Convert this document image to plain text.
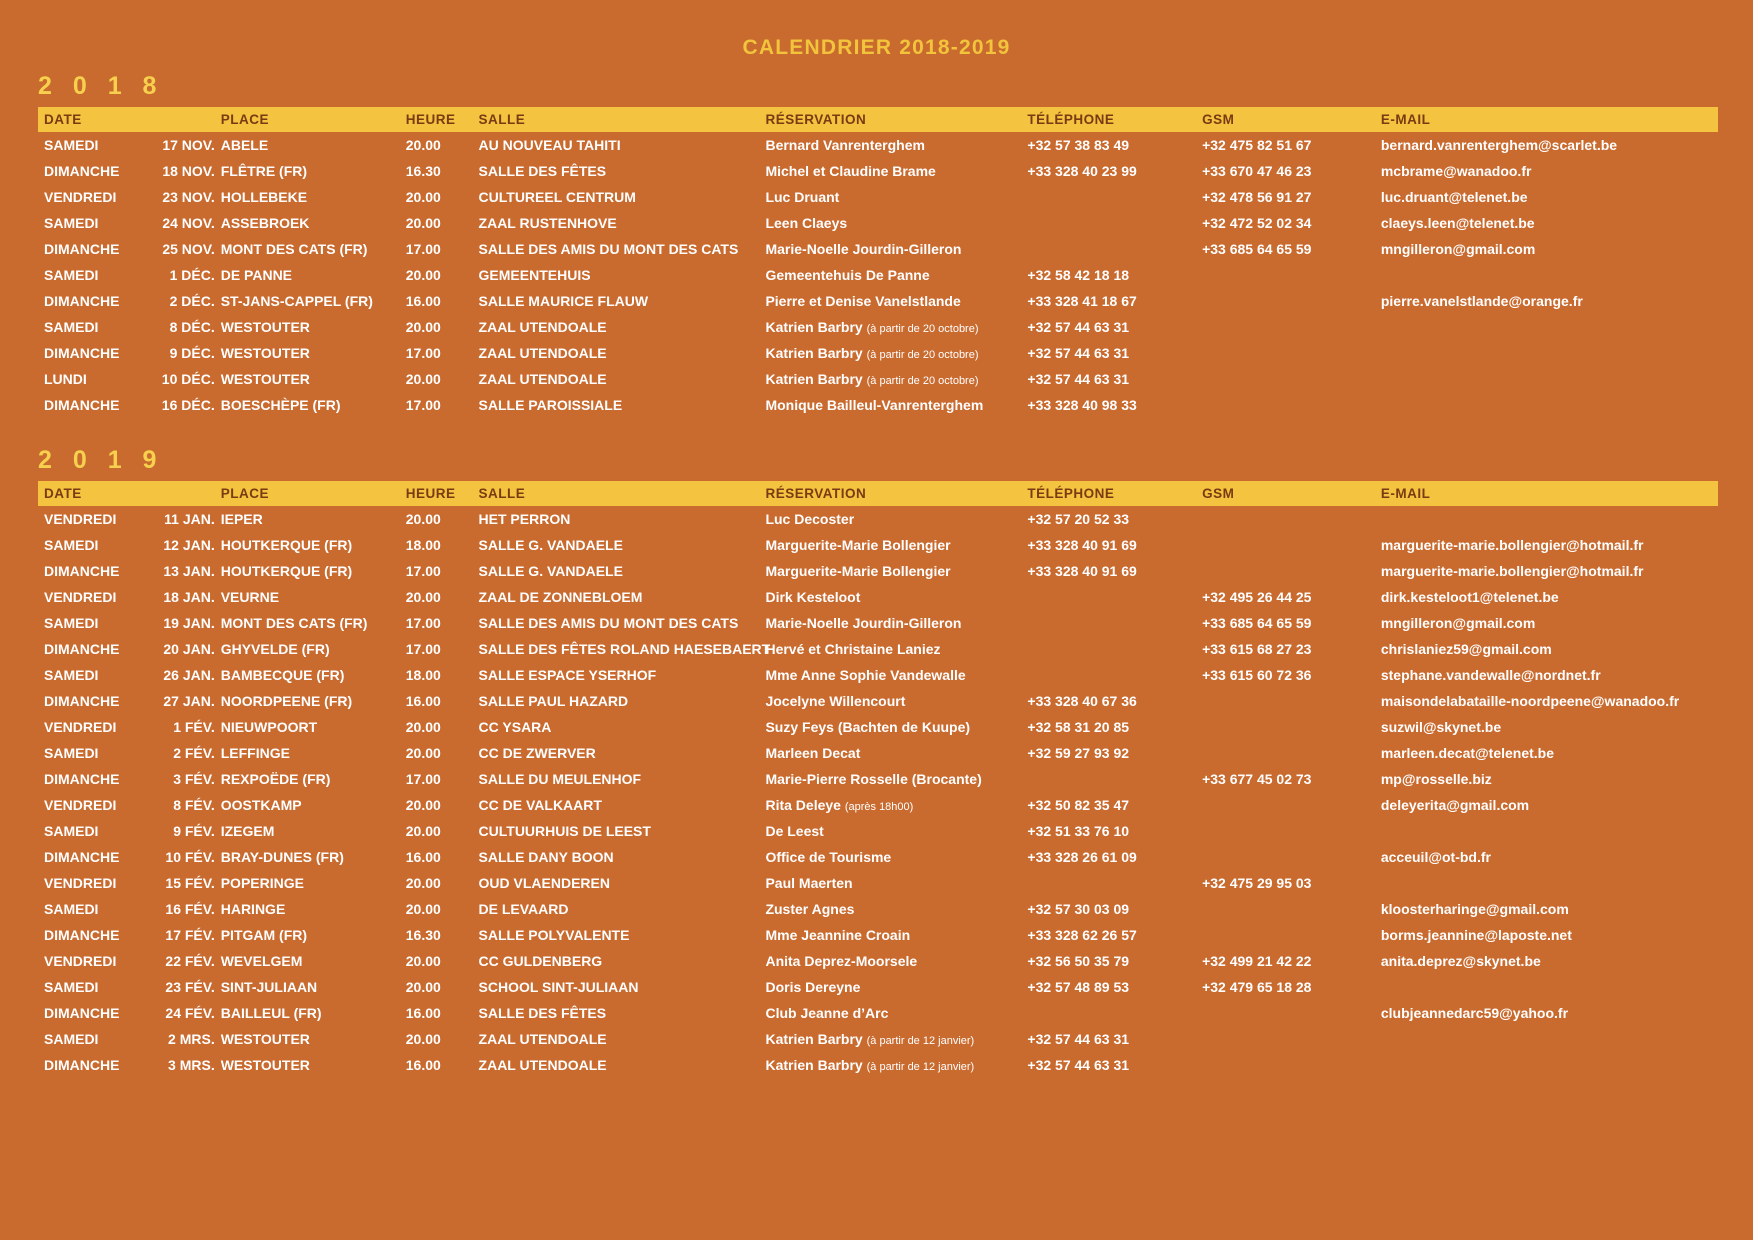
CALENDRIER 2018-2019
2 0 1 8
DATE		PLACE	HEURE	SALLE	RÉSERVATION	TÉLÉPHONE	GSM	E-MAIL
SAMEDI	17 NOV.	ABELE	20.00	AU NOUVEAU TAHITI	Bernard Vanrenterghem	+32 57 38 83 49	+32 475 82 51 67	bernard.vanrenterghem@scarlet.be
DIMANCHE	18 NOV.	FLÊTRE (FR)	16.30	SALLE DES FÊTES	Michel et Claudine Brame	+33 328 40 23 99	+33 670 47 46 23	mcbrame@wanadoo.fr
VENDREDI	23 NOV.	HOLLEBEKE	20.00	CULTUREEL CENTRUM	Luc Druant		+32 478 56 91 27	luc.druant@telenet.be
SAMEDI	24 NOV.	ASSEBROEK	20.00	ZAAL RUSTENHOVE	Leen Claeys		+32 472 52 02 34	claeys.leen@telenet.be
DIMANCHE	25 NOV.	MONT DES CATS (FR)	17.00	SALLE DES AMIS DU MONT DES CATS	Marie-Noelle Jourdin-Gilleron		+33 685 64 65 59	mngilleron@gmail.com
SAMEDI	1 DÉC.	DE PANNE	20.00	GEMEENTEHUIS	Gemeentehuis De Panne	+32 58 42 18 18		
DIMANCHE	2 DÉC.	ST-JANS-CAPPEL (FR)	16.00	SALLE MAURICE FLAUW	Pierre et Denise Vanelstlande	+33 328 41 18 67		pierre.vanelstlande@orange.fr
SAMEDI	8 DÉC.	WESTOUTER	20.00	ZAAL UTENDOALE	Katrien Barbry (à partir de 20 octobre)	+32 57 44 63 31		
DIMANCHE	9 DÉC.	WESTOUTER	17.00	ZAAL UTENDOALE	Katrien Barbry (à partir de 20 octobre)	+32 57 44 63 31		
LUNDI	10 DÉC.	WESTOUTER	20.00	ZAAL UTENDOALE	Katrien Barbry (à partir de 20 octobre)	+32 57 44 63 31		
DIMANCHE	16 DÉC.	BOESCHÈPE (FR)	17.00	SALLE PAROISSIALE	Monique Bailleul-Vanrenterghem	+33 328 40 98 33		
2 0 1 9
DATE		PLACE	HEURE	SALLE	RÉSERVATION	TÉLÉPHONE	GSM	E-MAIL
VENDREDI	11 JAN.	IEPER	20.00	HET PERRON	Luc Decoster	+32 57 20 52 33		
SAMEDI	12 JAN.	HOUTKERQUE (FR)	18.00	SALLE G. VANDAELE	Marguerite-Marie Bollengier	+33 328 40 91 69		marguerite-marie.bollengier@hotmail.fr
DIMANCHE	13 JAN.	HOUTKERQUE (FR)	17.00	SALLE G. VANDAELE	Marguerite-Marie Bollengier	+33 328 40 91 69		marguerite-marie.bollengier@hotmail.fr
VENDREDI	18 JAN.	VEURNE	20.00	ZAAL DE ZONNEBLOEM	Dirk Kesteloot		+32 495 26 44 25	dirk.kesteloot1@telenet.be
SAMEDI	19 JAN.	MONT DES CATS (FR)	17.00	SALLE DES AMIS DU MONT DES CATS	Marie-Noelle Jourdin-Gilleron		+33 685 64 65 59	mngilleron@gmail.com
DIMANCHE	20 JAN.	GHYVELDE (FR)	17.00	SALLE DES FÊTES ROLAND HAESEBAERT	Hervé et Christaine Laniez		+33 615 68 27 23	chrislaniez59@gmail.com
SAMEDI	26 JAN.	BAMBECQUE (FR)	18.00	SALLE ESPACE YSERHOF	Mme Anne Sophie Vandewalle		+33 615 60 72 36	stephane.vandewalle@nordnet.fr
DIMANCHE	27 JAN.	NOORDPEENE (FR)	16.00	SALLE PAUL HAZARD	Jocelyne Willencourt	+33 328 40 67 36		maisondelabataille-noordpeene@wanadoo.fr
VENDREDI	1 FÉV.	NIEUWPOORT	20.00	CC YSARA	Suzy Feys (Bachten de Kuupe)	+32 58 31 20 85		suzwil@skynet.be
SAMEDI	2 FÉV.	LEFFINGE	20.00	CC DE ZWERVER	Marleen Decat	+32 59 27 93 92		marleen.decat@telenet.be
DIMANCHE	3 FÉV.	REXPOËDE (FR)	17.00	SALLE DU MEULENHOF	Marie-Pierre Rosselle (Brocante)		+33 677 45 02 73	mp@rosselle.biz
VENDREDI	8 FÉV.	OOSTKAMP	20.00	CC DE VALKAART	Rita Deleye (après 18h00)	+32 50 82 35 47		deleyerita@gmail.com
SAMEDI	9 FÉV.	IZEGEM	20.00	CULTUURHUIS DE LEEST	De Leest	+32 51 33 76 10		
DIMANCHE	10 FÉV.	BRAY-DUNES (FR)	16.00	SALLE DANY BOON	Office de Tourisme	+33 328 26 61 09		acceuil@ot-bd.fr
VENDREDI	15 FÉV.	POPERINGE	20.00	OUD VLAENDEREN	Paul Maerten		+32 475 29 95 03	
SAMEDI	16 FÉV.	HARINGE	20.00	DE LEVAARD	Zuster Agnes	+32 57 30 03 09		kloosterharinge@gmail.com
DIMANCHE	17 FÉV.	PITGAM (FR)	16.30	SALLE POLYVALENTE	Mme Jeannine Croain	+33 328 62 26 57		borms.jeannine@laposte.net
VENDREDI	22 FÉV.	WEVELGEM	20.00	CC GULDENBERG	Anita Deprez-Moorsele	+32 56 50 35 79	+32 499 21 42 22	anita.deprez@skynet.be
SAMEDI	23 FÉV.	SINT-JULIAAN	20.00	SCHOOL SINT-JULIAAN	Doris Dereyne	+32 57 48 89 53	+32 479 65 18 28	
DIMANCHE	24 FÉV.	BAILLEUL (FR)	16.00	SALLE DES FÊTES	Club Jeanne d’Arc			clubjeannedarc59@yahoo.fr
SAMEDI	2 MRS.	WESTOUTER	20.00	ZAAL UTENDOALE	Katrien Barbry (à partir de 12 janvier)	+32 57 44 63 31		
DIMANCHE	3 MRS.	WESTOUTER	16.00	ZAAL UTENDOALE	Katrien Barbry (à partir de 12 janvier)	+32 57 44 63 31		
